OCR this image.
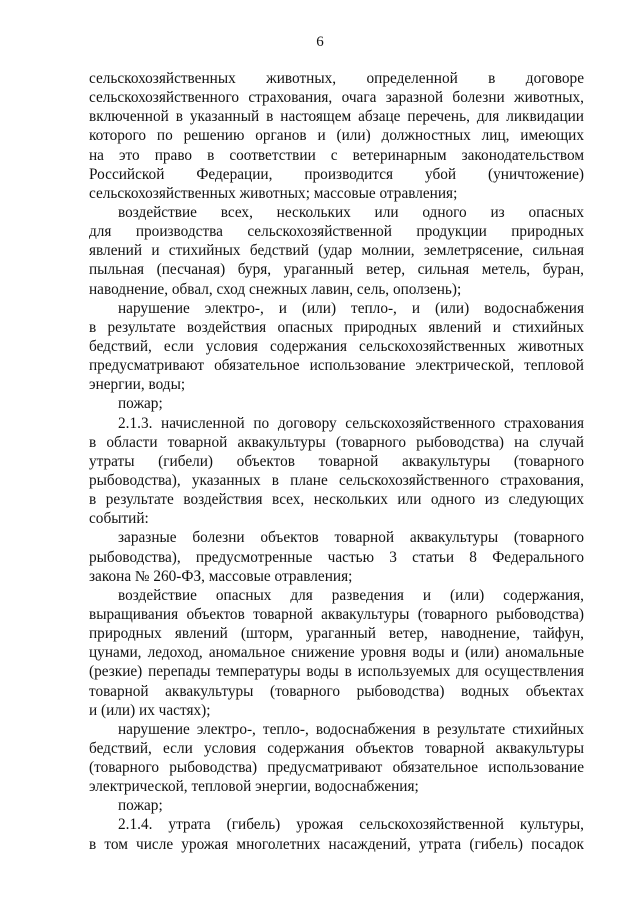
6
сельскохозяйственных животных, определенной в договоре
сельскохозяйственного страхования, очага заразной болезни животных,
включенной в указанный в настоящем абзаце перечень, для ликвидации
которого по решению органов и (или) должностных лиц, имеющих
на это право в соответствии с ветеринарным законодательством
Российской Федерации, производится убой (уничтожение)
сельскохозяйственных животных; массовые отравления;
воздействие всех, нескольких или одного из опасных
для производства сельскохозяйственной продукции природных
явлений и стихийных бедствий (удар молнии, землетрясение, сильная
пыльная (песчаная) буря, ураганный ветер, сильная метель, буран,
наводнение, обвал, сход снежных лавин, сель, оползень);
нарушение электро-, и (или) тепло-, и (или) водоснабжения
в результате воздействия опасных природных явлений и стихийных
бедствий, если условия содержания сельскохозяйственных животных
предусматривают обязательное использование электрической, тепловой
энергии, воды;
пожар;
2.1.3. начисленной по договору сельскохозяйственного страхования
в области товарной аквакультуры (товарного рыбоводства) на случай
утраты (гибели) объектов товарной аквакультуры (товарного
рыбоводства), указанных в плане сельскохозяйственного страхования,
в результате воздействия всех, нескольких или одного из следующих
событий:
заразные болезни объектов товарной аквакультуры (товарного
рыбоводства), предусмотренные частью 3 статьи 8 Федерального
закона № 260-ФЗ, массовые отравления;
воздействие опасных для разведения и (или) содержания,
выращивания объектов товарной аквакультуры (товарного рыбоводства)
природных явлений (шторм, ураганный ветер, наводнение, тайфун,
цунами, ледоход, аномальное снижение уровня воды и (или) аномальные
(резкие) перепады температуры воды в используемых для осуществления
товарной аквакультуры (товарного рыбоводства) водных объектах
и (или) их частях);
нарушение электро-, тепло-, водоснабжения в результате стихийных
бедствий, если условия содержания объектов товарной аквакультуры
(товарного рыбоводства) предусматривают обязательное использование
электрической, тепловой энергии, водоснабжения;
пожар;
2.1.4. утрата (гибель) урожая сельскохозяйственной культуры,
в том числе урожая многолетних насаждений, утрата (гибель) посадок
